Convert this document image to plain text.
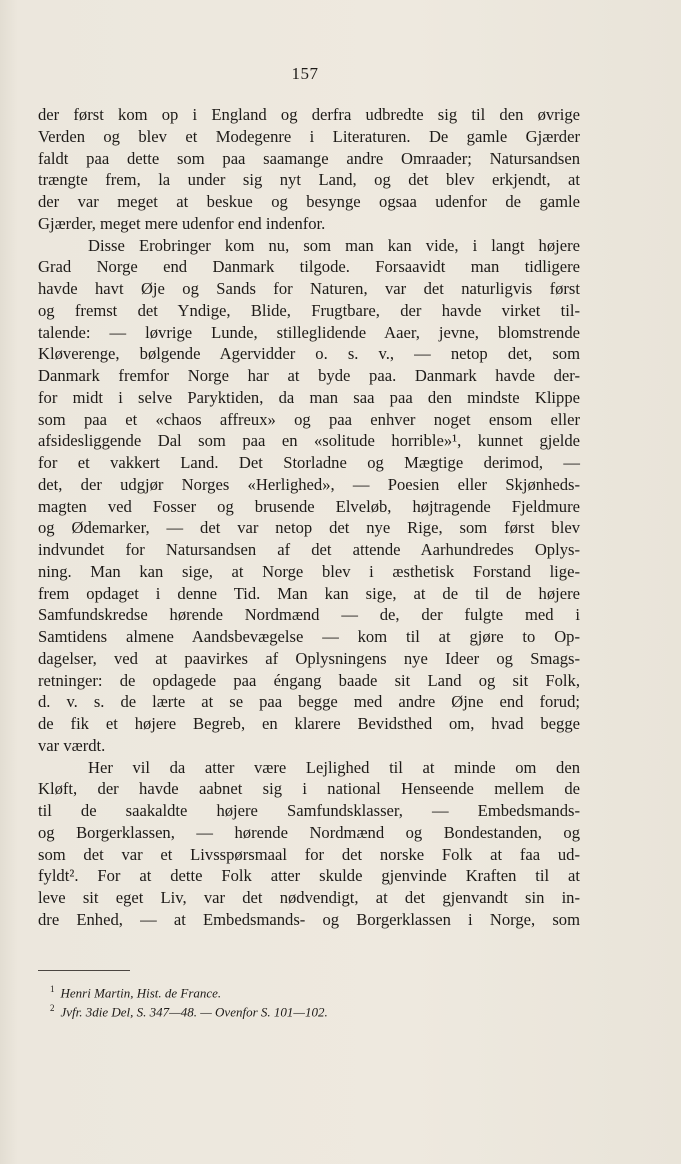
157
der først kom op i England og derfra udbredte sig til den øvrige
Verden og blev et Modegenre i Literaturen. De gamle Gjærder
faldt paa dette som paa saamange andre Omraader; Natursandsen
trængte frem, la under sig nyt Land, og det blev erkjendt, at
der var meget at beskue og besynge ogsaa udenfor de gamle
Gjærder, meget mere udenfor end indenfor.
Disse Erobringer kom nu, som man kan vide, i langt højere
Grad Norge end Danmark tilgode. Forsaavidt man tidligere
havde havt Øje og Sands for Naturen, var det naturligvis først
og fremst det Yndige, Blide, Frugtbare, der havde virket til-
talende: — løvrige Lunde, stilleglidende Aaer, jevne, blomstrende
Kløverenge, bølgende Agervidder o. s. v., — netop det, som
Danmark fremfor Norge har at byde paa. Danmark havde der-
for midt i selve Paryktiden, da man saa paa den mindste Klippe
som paa et «chaos affreux» og paa enhver noget ensom eller
afsidesliggende Dal som paa en «solitude horrible»¹, kunnet gjelde
for et vakkert Land. Det Storladne og Mægtige derimod, —
det, der udgjør Norges «Herlighed», — Poesien eller Skjønheds-
magten ved Fosser og brusende Elveløb, højtragende Fjeldmure
og Ødemarker, — det var netop det nye Rige, som først blev
indvundet for Natursandsen af det attende Aarhundredes Oplys-
ning. Man kan sige, at Norge blev i æsthetisk Forstand lige-
frem opdaget i denne Tid. Man kan sige, at de til de højere
Samfundskredse hørende Nordmænd — de, der fulgte med i
Samtidens almene Aandsbevægelse — kom til at gjøre to Op-
dagelser, ved at paavirkes af Oplysningens nye Ideer og Smags-
retninger: de opdagede paa éngang baade sit Land og sit Folk,
d. v. s. de lærte at se paa begge med andre Øjne end forud;
de fik et højere Begreb, en klarere Bevidsthed om, hvad begge
var værdt.
Her vil da atter være Lejlighed til at minde om den
Kløft, der havde aabnet sig i national Henseende mellem de
til de saakaldte højere Samfundsklasser, — Embedsmands-
og Borgerklassen, — hørende Nordmænd og Bondestanden, og
som det var et Livsspørsmaal for det norske Folk at faa ud-
fyldt². For at dette Folk atter skulde gjenvinde Kraften til at
leve sit eget Liv, var det nødvendigt, at det gjenvandt sin in-
dre Enhed, — at Embedsmands- og Borgerklassen i Norge, som
$^1$ Henri Martin, Hist. de France.
$^2$ Jvfr. 3die Del, S. 347—48. — Ovenfor S. 101—102.
